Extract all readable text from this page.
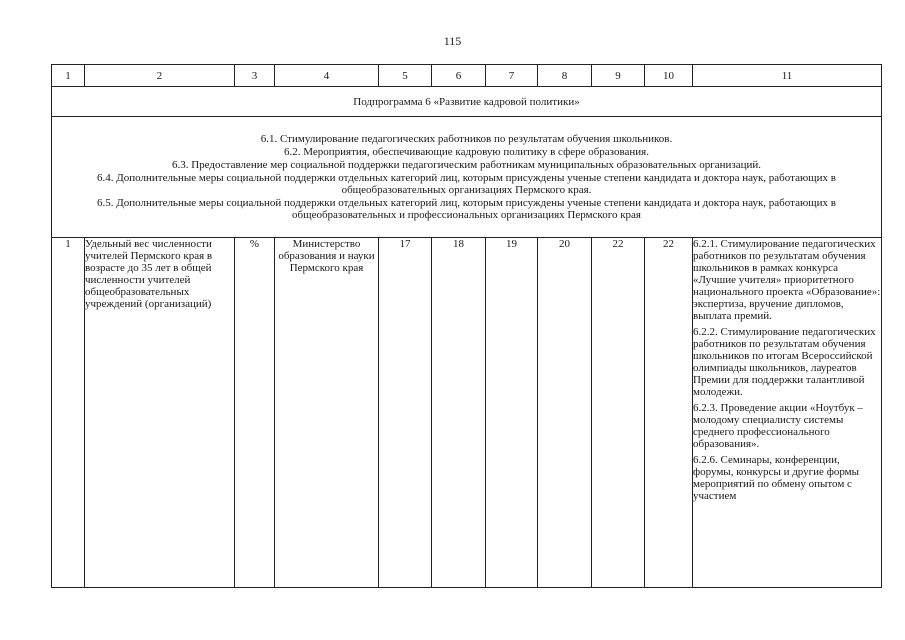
115
1	2	3	4	5	6	7	8	9	10	11
Подпрограмма 6 «Развитие кадровой политики»										

6.1. Стимулирование педагогических работников по результатам обучения школьников.
6.2. Мероприятия, обеспечивающие кадровую политику в сфере образования.
6.3. Предоставление мер социальной поддержки педагогическим работникам муниципальных образовательных организаций.
6.4. Дополнительные меры социальной поддержки отдельных категорий лиц, которым присуждены ученые степени кандидата и доктора наук, работающих в общеобразовательных организациях Пермского края.
6.5. Дополнительные меры социальной поддержки отдельных категорий лиц, которым присуждены ученые степени кандидата и доктора наук, работающих в общеобразовательных и профессиональных организациях Пермского края										

1	Удельный вес численности учителей Пермского края в возрасте до 35 лет в общей численности учителей общеобразовательных учреждений (организаций)	%	Министерство образования и науки Пермского края	17	18	19	20	22	22	6.2.1. Стимулирование педагогических работников по результатам обучения школьников в рамках конкурса «Лучшие учителя» приоритетного национального проекта «Образование»: экспертиза, вручение дипломов, выплата премий.
6.2.2. Стимулирование педагогических работников по результатам обучения школьников по итогам Всероссийской олимпиады школьников, лауреатов Премии для поддержки талантливой молодежи.
6.2.3. Проведение акции «Ноутбук – молодому специалисту системы среднего профессионального образования».
6.2.6. Семинары, конференции, форумы, конкурсы и другие формы мероприятий по обмену опытом с участием
